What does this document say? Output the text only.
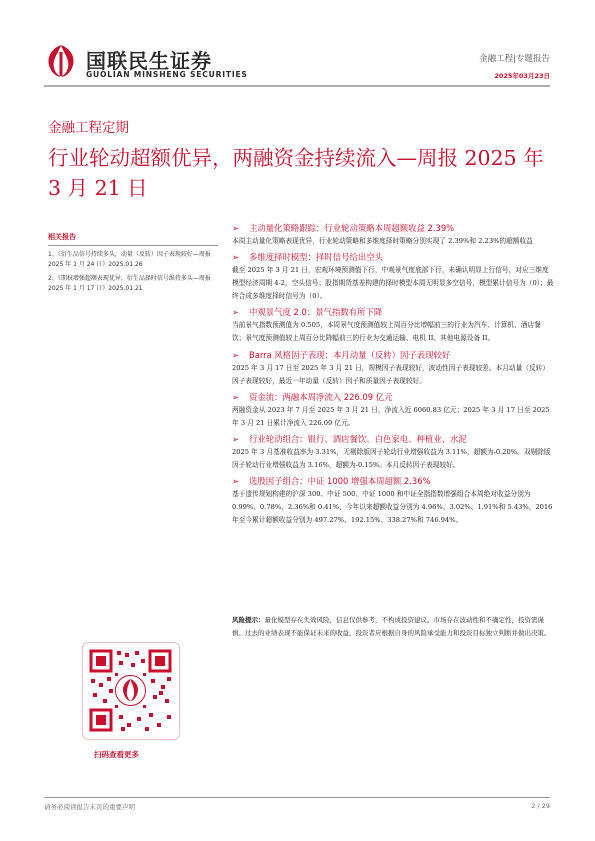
国联民生证券
GUOLIAN MINSHENG SECURITIES
金融工程|专题报告
2025年03月23日
金融工程定期
行业轮动超额优异，两融资金持续流入—周报 2025 年 3 月 21 日
相关报告
1、《衍生品信号持续多头，动量（反转）因子表现较好—周报 2025 年 1 月 24 日》2025.01.26
2、《期权增强超额表现优异，衍生品择时信号维持多头—周报 2025 年 1 月 17 日》2025.01.21
扫码查看更多
➢ 主动量化策略跟踪：行业轮动策略本周超额收益 2.39%
本周主动量化策略表现优异，行业轮动策略和多维度择时策略分别实现了 2.39%和 2.23%的超额收益
➢ 多维度择时模型：择时信号给出空头
截至 2025 年 3 月 21 日，宏观环境预测值下行，中观景气度底部下行，未确认明显上行信号，对应三维度模型经济周期 4-2，空头信号；股指期货基差构建的择时模型本周无明显多空信号，模型累计信号为（0）；最终合成多维度择时信号为（0）。
➢ 中观景气度 2.0：景气指数有所下降
当前景气指数预测值为 0.505，本周景气度预测值较上周百分比增幅前三的行业为汽车、计算机、酒店餐饮；景气度预测值较上周百分比降幅前三的行业为交通运输、电机 II、其他电源设备 II。
➢ Barra 风格因子表现：本月动量（反转）因子表现较好
2025 年 3 月 17 日至 2025 年 3 月 21 日，规模因子表现较好，波动性因子表现较差。本月动量（反转）因子表现较好，最近一年动量（反转）因子和质量因子表现较好。
➢ 资金流：两融本周净流入 226.09 亿元
两融资金从 2023 年 7 月至 2025 年 3 月 21 日，净流入近 6060.83 亿元；2025 年 3 月 17 日至 2025 年 3 月 21 日累计净流入 226.09 亿元。
➢ 行业轮动组合：银行、酒店餐饮、白色家电、种植业、水泥
2025 年 3 月基准收益率为 3.31%，无剔除版因子轮动行业增强收益为 3.11%，超额为-0.20%。双剔除版因子轮动行业增强收益为 3.16%，超额为-0.15%。本月反转因子表现较好。
➢ 选股因子组合：中证 1000 增强本周超额 2.36%
基于遗传规划构建的沪深 300、中证 500、中证 1000 和中证全指指数增强组合本周绝对收益分别为 0.99%、0.78%、2.36%和 0.41%，今年以来超额收益分别为 4.96%、3.02%、1.91%和 5.43%，2016 年至今累计超额收益分别为 497.27%、192.15%、338.27%和 746.94%。
风险提示：量化模型存在失效风险，信息仅供参考，不构成投资建议。市场存在波动性和不确定性，投资需谨慎。过去的业绩表现不能保证未来的收益，投资者应根据自身的风险承受能力和投资目标独立判断并做出决策。
请务必阅读报告末页的重要声明	2 / 29
